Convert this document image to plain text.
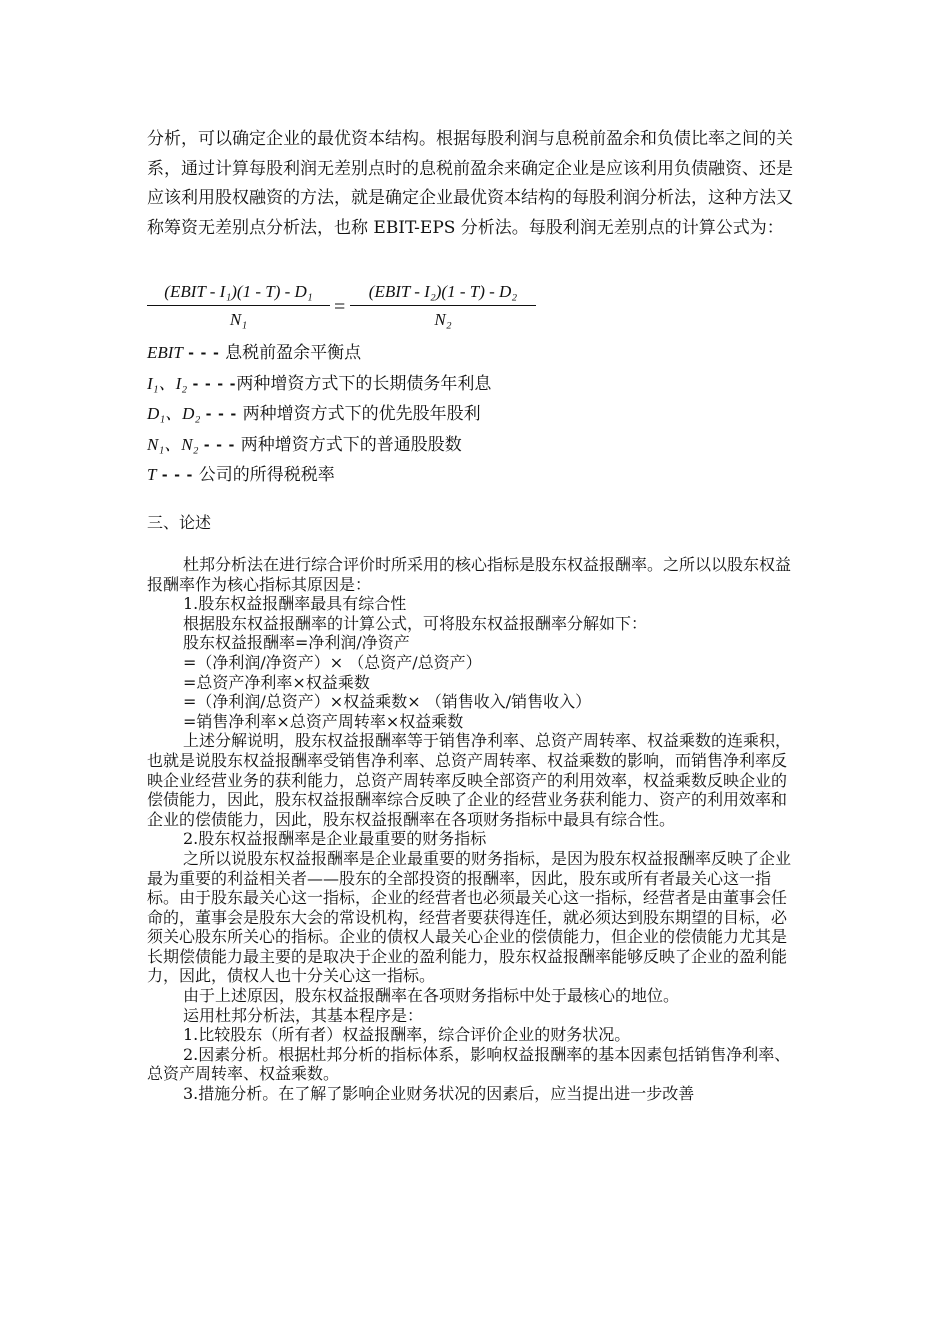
分析，可以确定企业的最优资本结构。根据每股利润与息税前盈余和负债比率之间的关系，通过计算每股利润无差别点时的息税前盈余来确定企业是应该利用负债融资、还是应该利用股权融资的方法，就是确定企业最优资本结构的每股利润分析法，这种方法又称筹资无差别点分析法，也称 EBIT-EPS 分析法。每股利润无差别点的计算公式为：

(EBIT - I₁)(1 - T) - D₁
N₁
=
(EBIT - I₂)(1 - T) - D₂
N₂
EBIT - - - 息税前盈余平衡点
I₁、I₂ - - - -两种增资方式下的长期债务年利息
D₁、D₂ - - - 两种增资方式下的优先股年股利
N₁、N₂ - - - 两种增资方式下的普通股股数
T - - - 公司的所得税税率
三、论述

杜邦分析法在进行综合评价时所采用的核心指标是股东权益报酬率。之所以以股东权益报酬率作为核心指标其原因是：

1.股东权益报酬率最具有综合性

根据股东权益报酬率的计算公式，可将股东权益报酬率分解如下：

股东权益报酬率=净利润/净资产

=（净利润/净资产）× （总资产/总资产）

=总资产净利率×权益乘数

=（净利润/总资产）×权益乘数× （销售收入/销售收入）

=销售净利率×总资产周转率×权益乘数

上述分解说明，股东权益报酬率等于销售净利率、总资产周转率、权益乘数的连乘积，也就是说股东权益报酬率受销售净利率、总资产周转率、权益乘数的影响，而销售净利率反映企业经营业务的获利能力，总资产周转率反映全部资产的利用效率，权益乘数反映企业的偿债能力，因此，股东权益报酬率综合反映了企业的经营业务获利能力、资产的利用效率和企业的偿债能力，因此，股东权益报酬率在各项财务指标中最具有综合性。

2.股东权益报酬率是企业最重要的财务指标

之所以说股东权益报酬率是企业最重要的财务指标，是因为股东权益报酬率反映了企业最为重要的利益相关者——股东的全部投资的报酬率，因此，股东或所有者最关心这一指标。由于股东最关心这一指标，企业的经营者也必须最关心这一指标，经营者是由董事会任命的，董事会是股东大会的常设机构，经营者要获得连任，就必须达到股东期望的目标，必须关心股东所关心的指标。企业的债权人最关心企业的偿债能力，但企业的偿债能力尤其是长期偿债能力最主要的是取决于企业的盈利能力，股东权益报酬率能够反映了企业的盈利能力，因此，债权人也十分关心这一指标。

由于上述原因，股东权益报酬率在各项财务指标中处于最核心的地位。

运用杜邦分析法，其基本程序是：

1.比较股东（所有者）权益报酬率，综合评价企业的财务状况。

2.因素分析。根据杜邦分析的指标体系，影响权益报酬率的基本因素包括销售净利率、总资产周转率、权益乘数。

3.措施分析。在了解了影响企业财务状况的因素后，应当提出进一步改善
